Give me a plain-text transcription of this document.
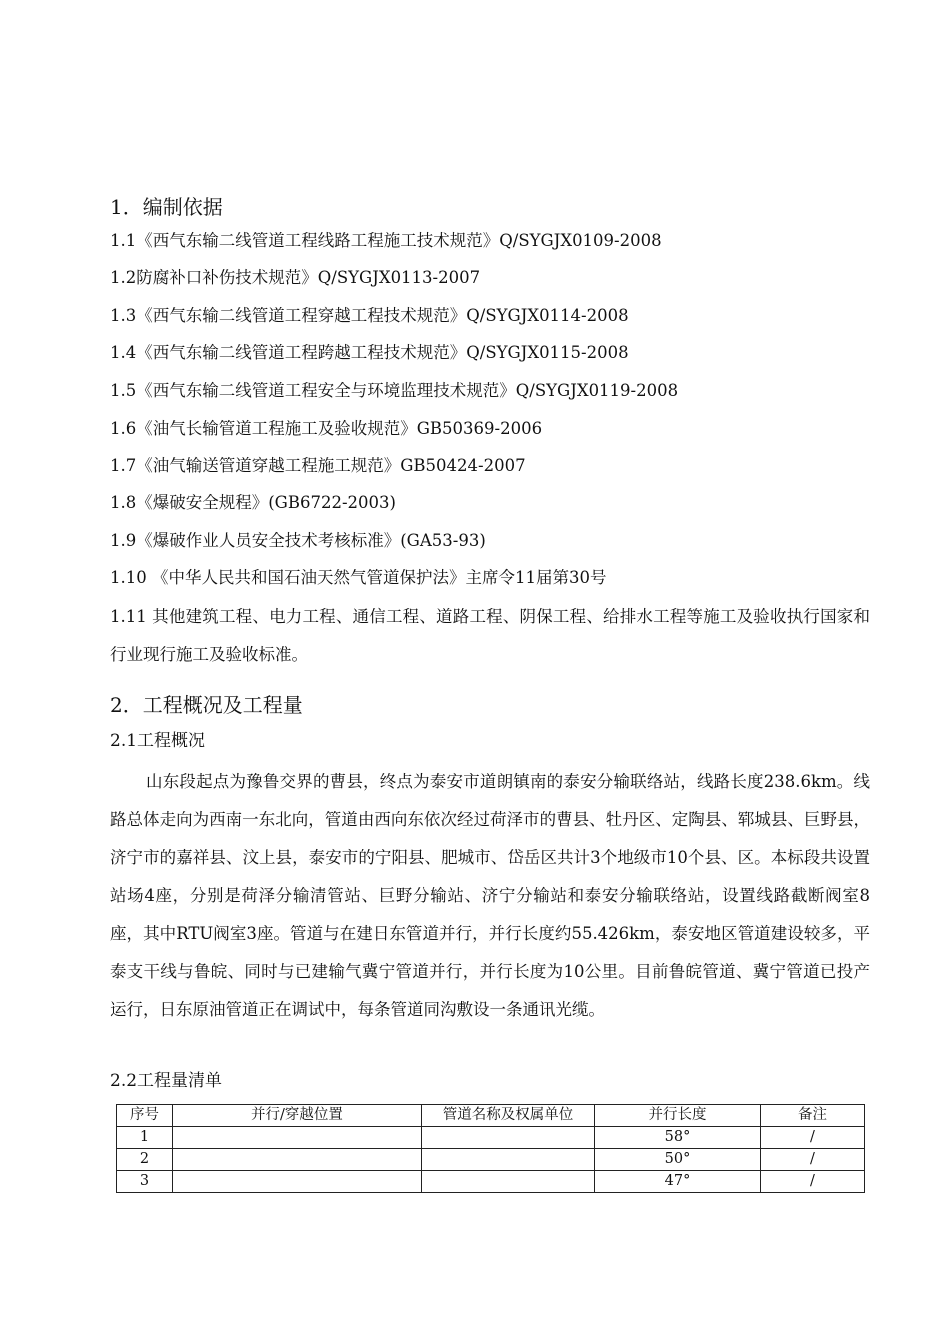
1．编制依据
1.1《西气东输二线管道工程线路工程施工技术规范》Q/SYGJX0109-2008
1.2防腐补口补伤技术规范》Q/SYGJX0113-2007
1.3《西气东输二线管道工程穿越工程技术规范》Q/SYGJX0114-2008
1.4《西气东输二线管道工程跨越工程技术规范》Q/SYGJX0115-2008
1.5《西气东输二线管道工程安全与环境监理技术规范》Q/SYGJX0119-2008
1.6《油气长输管道工程施工及验收规范》GB50369-2006
1.7《油气输送管道穿越工程施工规范》GB50424-2007
1.8《爆破安全规程》(GB6722-2003)
1.9《爆破作业人员安全技术考核标准》(GA53-93)
1.10 《中华人民共和国石油天然气管道保护法》主席令11届第30号
1.11 其他建筑工程、电力工程、通信工程、道路工程、阴保工程、给排水工程等施工及验收执行国家和行业现行施工及验收标准。
2．工程概况及工程量
2.1工程概况
山东段起点为豫鲁交界的曹县，终点为泰安市道朗镇南的泰安分输联络站，线路长度238.6km。线路总体走向为西南一东北向，管道由西向东依次经过荷泽市的曹县、牡丹区、定陶县、郓城县、巨野县，济宁市的嘉祥县、汶上县，泰安市的宁阳县、肥城市、岱岳区共计3个地级市10个县、区。本标段共设置站场4座，分别是荷泽分输清管站、巨野分输站、济宁分输站和泰安分输联络站，设置线路截断阀室8座，其中RTU阀室3座。管道与在建日东管道并行，并行长度约55.426km，泰安地区管道建设较多，平泰支干线与鲁皖、同时与已建输气冀宁管道并行，并行长度为10公里。目前鲁皖管道、冀宁管道已投产运行，日东原油管道正在调试中，每条管道同沟敷设一条通讯光缆。
2.2工程量清单
序号	并行/穿越位置	管道名称及权属单位	并行长度	备注
1			58°	/
2			50°	/
3			47°	/
